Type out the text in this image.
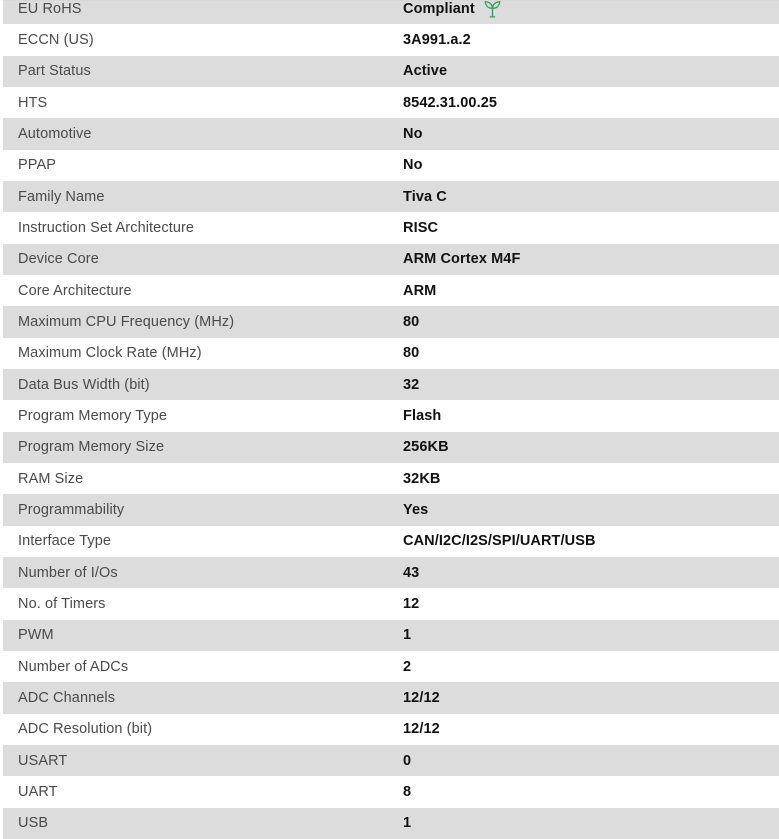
EU RoHS	Compliant
ECCN (US)	3A991.a.2
Part Status	Active
HTS	8542.31.00.25
Automotive	No
PPAP	No
Family Name	Tiva C
Instruction Set Architecture	RISC
Device Core	ARM Cortex M4F
Core Architecture	ARM
Maximum CPU Frequency (MHz)	80
Maximum Clock Rate (MHz)	80
Data Bus Width (bit)	32
Program Memory Type	Flash
Program Memory Size	256KB
RAM Size	32KB
Programmability	Yes
Interface Type	CAN/I2C/I2S/SPI/UART/USB
Number of I/Os	43
No. of Timers	12
PWM	1
Number of ADCs	2
ADC Channels	12/12
ADC Resolution (bit)	12/12
USART	0
UART	8
USB	1
